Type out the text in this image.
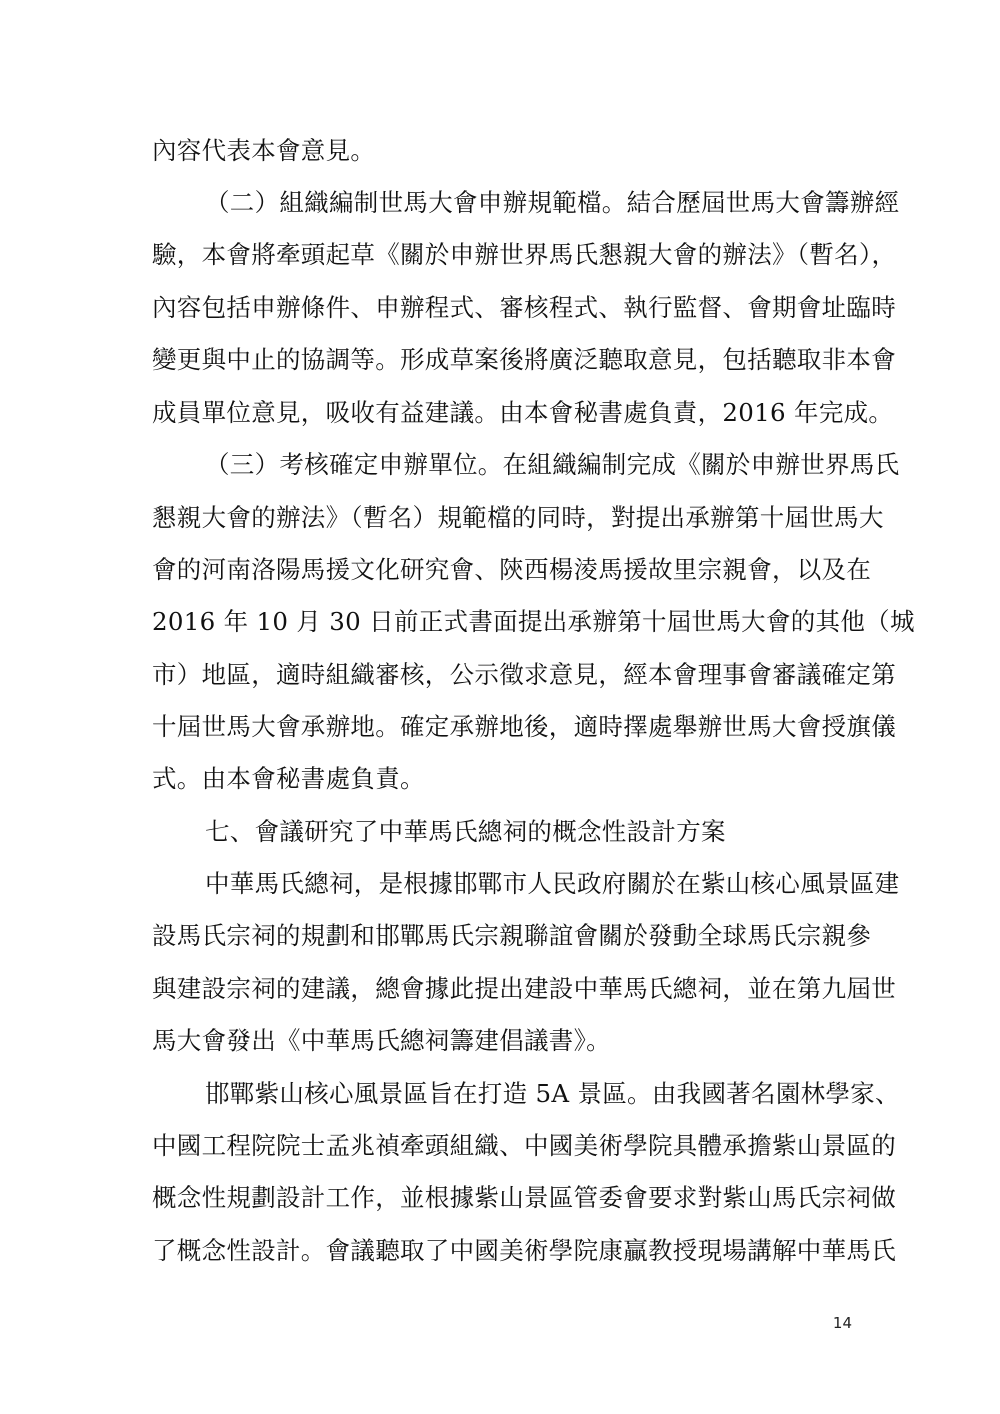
內容代表本會意見。
（二）組織編制世馬大會申辦規範檔。結合歷屆世馬大會籌辦經
驗，本會將牽頭起草《關於申辦世界馬氏懇親大會的辦法》（暫名），
內容包括申辦條件、申辦程式、審核程式、執行監督、會期會址臨時
變更與中止的協調等。形成草案後將廣泛聽取意見，包括聽取非本會
成員單位意見，吸收有益建議。由本會秘書處負責，2016 年完成。
（三）考核確定申辦單位。在組織編制完成《關於申辦世界馬氏
懇親大會的辦法》（暫名）規範檔的同時，對提出承辦第十屆世馬大
會的河南洛陽馬援文化研究會、陝西楊淩馬援故里宗親會，以及在
2016 年 10 月 30 日前正式書面提出承辦第十屆世馬大會的其他（城
市）地區，適時組織審核，公示徵求意見，經本會理事會審議確定第
十屆世馬大會承辦地。確定承辦地後，適時擇處舉辦世馬大會授旗儀
式。由本會秘書處負責。
七、會議研究了中華馬氏總祠的概念性設計方案
中華馬氏總祠，是根據邯鄲市人民政府關於在紫山核心風景區建
設馬氏宗祠的規劃和邯鄲馬氏宗親聯誼會關於發動全球馬氏宗親參
與建設宗祠的建議，總會據此提出建設中華馬氏總祠，並在第九屆世
馬大會發出《中華馬氏總祠籌建倡議書》。
邯鄲紫山核心風景區旨在打造 5A 景區。由我國著名園林學家、
中國工程院院士孟兆禎牽頭組織、中國美術學院具體承擔紫山景區的
概念性規劃設計工作，並根據紫山景區管委會要求對紫山馬氏宗祠做
了概念性設計。會議聽取了中國美術學院康贏教授現場講解中華馬氏
14
